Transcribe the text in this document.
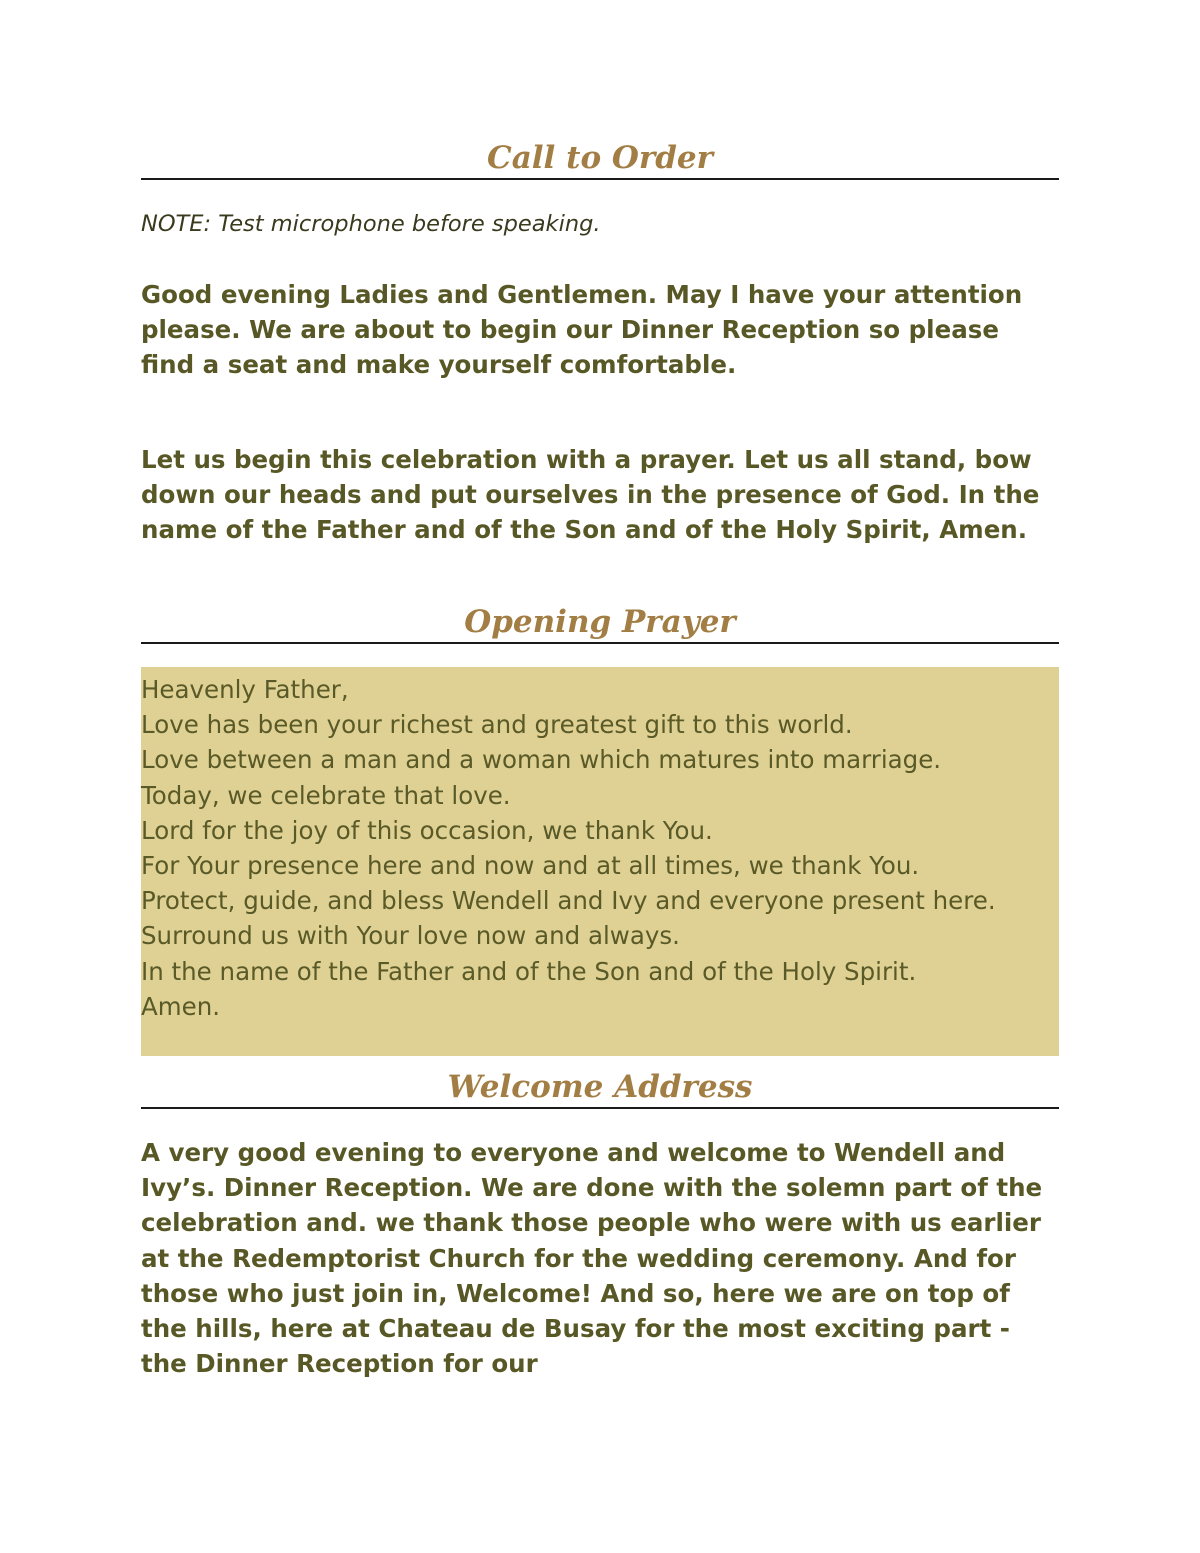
Call to Order

NOTE: Test microphone before speaking.

Good evening Ladies and Gentlemen. May I have your attention please. We are about to begin our Dinner Reception so please find a seat and make yourself comfortable.

Let us begin this celebration with a prayer. Let us all stand, bow down our heads and put ourselves in the presence of God. In the name of the Father and of the Son and of the Holy Spirit, Amen.

Opening Prayer
Heavenly Father,
Love has been your richest and greatest gift to this world.
Love between a man and a woman which matures into marriage.
Today, we celebrate that love.
Lord for the joy of this occasion, we thank You.
For Your presence here and now and at all times, we thank You.
Protect, guide, and bless Wendell and Ivy and everyone present here.
Surround us with Your love now and always.
In the name of the Father and of the Son and of the Holy Spirit.
Amen.
Welcome Address

A very good evening to everyone and welcome to Wendell and Ivy’s. Dinner Reception. We are done with the solemn part of the celebration and. we thank those people who were with us earlier at the Redemptorist Church for the wedding ceremony. And for those who just join in, Welcome! And so, here we are on top of the hills, here at Chateau de Busay for the most exciting part - the Dinner Reception for our
